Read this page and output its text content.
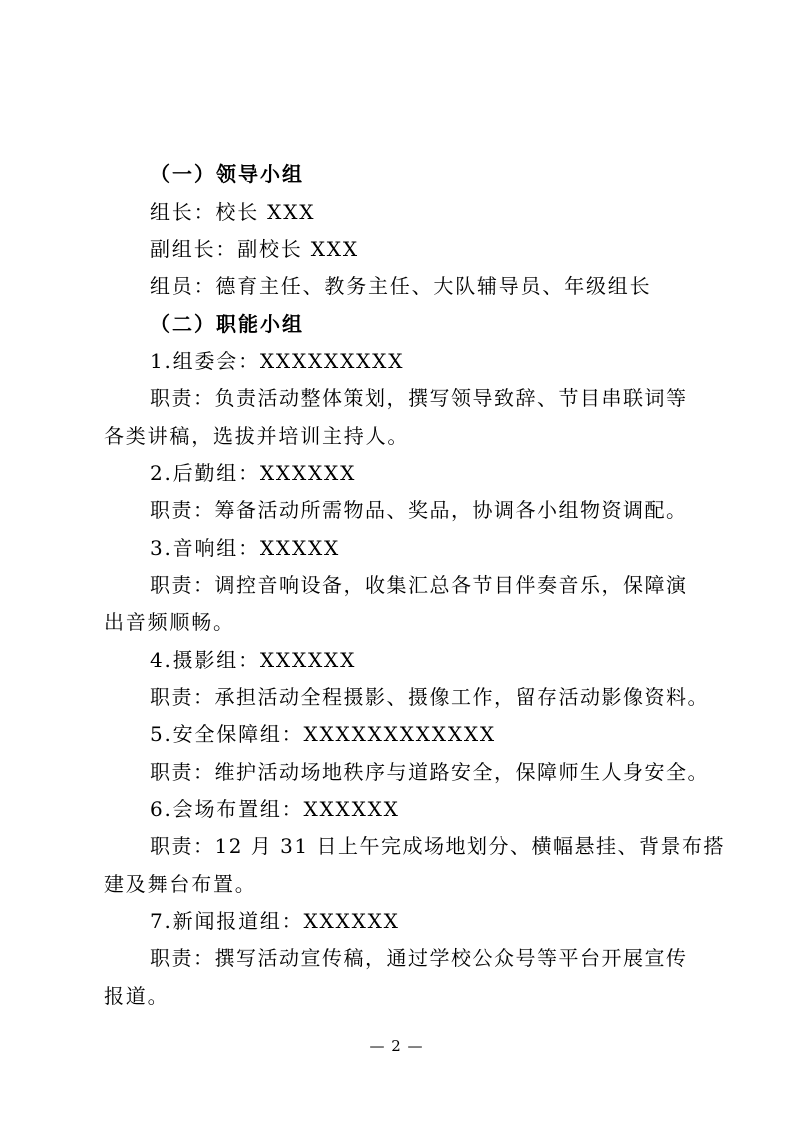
（一）领导小组
组长：校长 XXX
副组长：副校长 XXX
组员：德育主任、教务主任、大队辅导员、年级组长
（二）职能小组
1.组委会：XXXXXXXXX
职责：负责活动整体策划，撰写领导致辞、节目串联词等
各类讲稿，选拔并培训主持人。
2.后勤组：XXXXXX
职责：筹备活动所需物品、奖品，协调各小组物资调配。
3.音响组：XXXXX
职责：调控音响设备，收集汇总各节目伴奏音乐，保障演
出音频顺畅。
4.摄影组：XXXXXX
职责：承担活动全程摄影、摄像工作，留存活动影像资料。
5.安全保障组：XXXXXXXXXXXX
职责：维护活动场地秩序与道路安全，保障师生人身安全。
6.会场布置组：XXXXXX
职责：12 月 31 日上午完成场地划分、横幅悬挂、背景布搭
建及舞台布置。
7.新闻报道组：XXXXXX
职责：撰写活动宣传稿，通过学校公众号等平台开展宣传
报道。
— 2 —
